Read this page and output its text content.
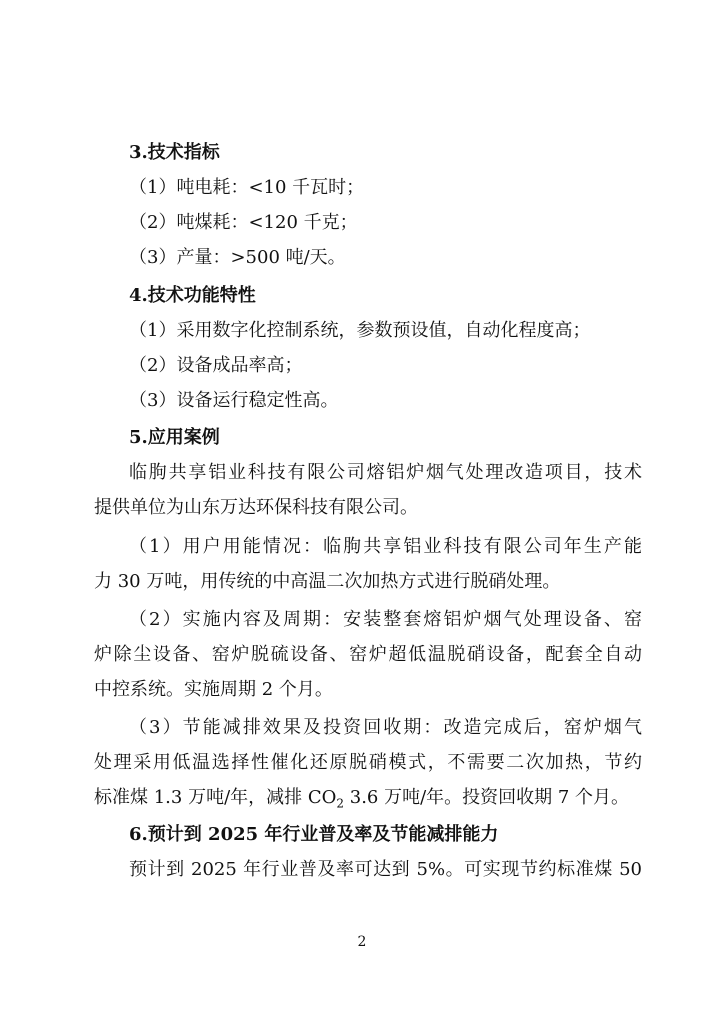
3.技术指标
（1）吨电耗：<10 千瓦时；
（2）吨煤耗：<120 千克；
（3）产量：>500 吨/天。
4.技术功能特性
（1）采用数字化控制系统，参数预设值，自动化程度高；
（2）设备成品率高；
（3）设备运行稳定性高。
5.应用案例
临朐共享铝业科技有限公司熔铝炉烟气处理改造项目，技术
提供单位为山东万达环保科技有限公司。
（1）用户用能情况：临朐共享铝业科技有限公司年生产能
力 30 万吨，用传统的中高温二次加热方式进行脱硝处理。
（2）实施内容及周期：安装整套熔铝炉烟气处理设备、窑
炉除尘设备、窑炉脱硫设备、窑炉超低温脱硝设备，配套全自动
中控系统。实施周期 2 个月。
（3）节能减排效果及投资回收期：改造完成后，窑炉烟气
处理采用低温选择性催化还原脱硝模式，不需要二次加热，节约
标准煤 1.3 万吨/年，减排 $CO_2$ 3.6 万吨/年。投资回收期 7 个月。
6.预计到 2025 年行业普及率及节能减排能力
预计到 2025 年行业普及率可达到 5%。可实现节约标准煤 50
2
